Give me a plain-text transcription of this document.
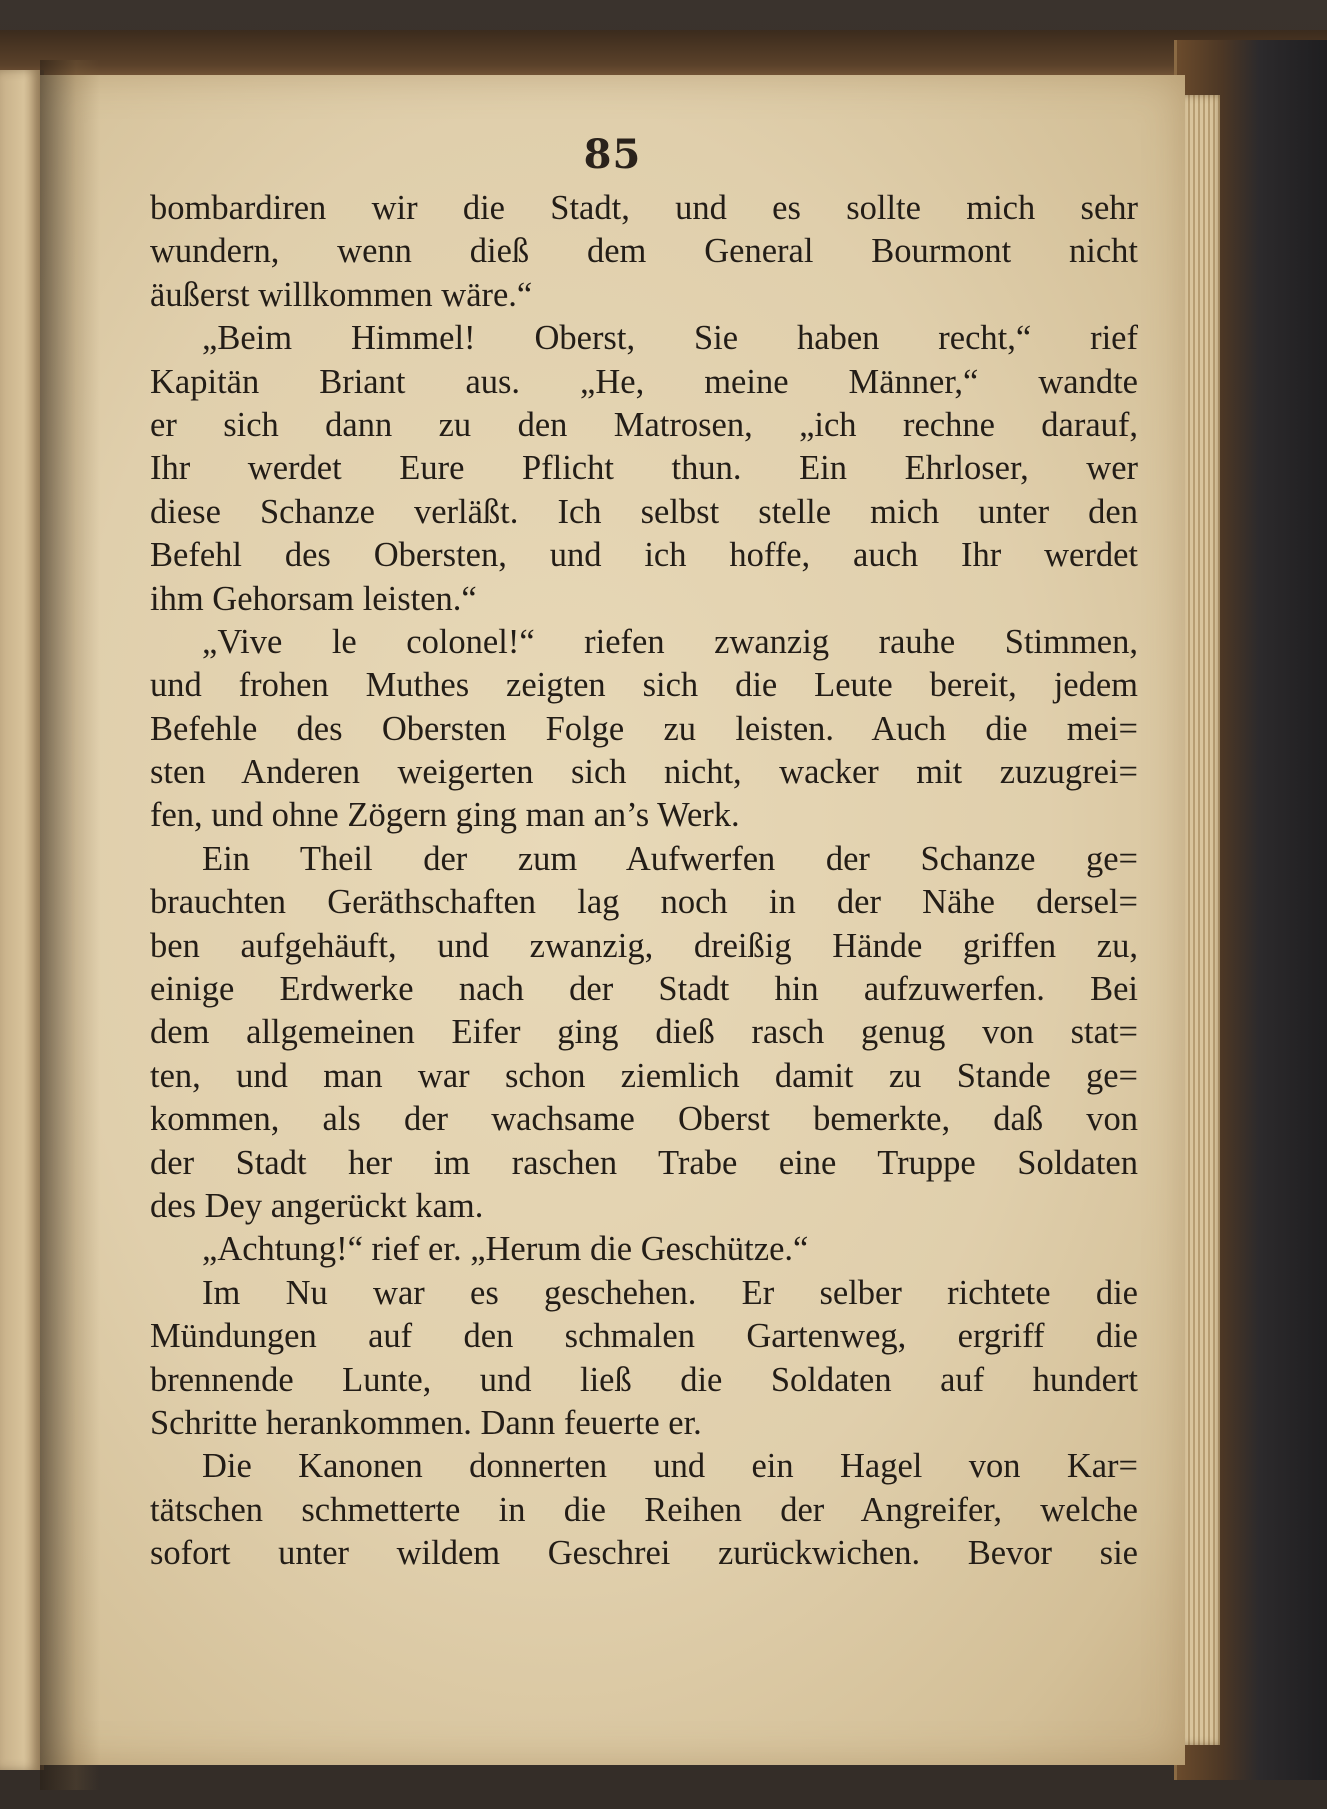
85
bombardiren wir die Stadt, und es sollte mich sehr
wundern, wenn dieß dem General Bourmont nicht
äußerst willkommen wäre.“
„Beim Himmel! Oberst, Sie haben recht,“ rief
Kapitän Briant aus. „He, meine Männer,“ wandte
er sich dann zu den Matrosen, „ich rechne darauf,
Ihr werdet Eure Pflicht thun. Ein Ehrloser, wer
diese Schanze verläßt. Ich selbst stelle mich unter den
Befehl des Obersten, und ich hoffe, auch Ihr werdet
ihm Gehorsam leisten.“
„Vive le colonel!“ riefen zwanzig rauhe Stimmen,
und frohen Muthes zeigten sich die Leute bereit, jedem
Befehle des Obersten Folge zu leisten. Auch die mei=
sten Anderen weigerten sich nicht, wacker mit zuzugrei=
fen, und ohne Zögern ging man an’s Werk.
Ein Theil der zum Aufwerfen der Schanze ge=
brauchten Geräthschaften lag noch in der Nähe dersel=
ben aufgehäuft, und zwanzig, dreißig Hände griffen zu,
einige Erdwerke nach der Stadt hin aufzuwerfen. Bei
dem allgemeinen Eifer ging dieß rasch genug von stat=
ten, und man war schon ziemlich damit zu Stande ge=
kommen, als der wachsame Oberst bemerkte, daß von
der Stadt her im raschen Trabe eine Truppe Soldaten
des Dey angerückt kam.
„Achtung!“ rief er. „Herum die Geschütze.“
Im Nu war es geschehen. Er selber richtete die
Mündungen auf den schmalen Gartenweg, ergriff die
brennende Lunte, und ließ die Soldaten auf hundert
Schritte herankommen. Dann feuerte er.
Die Kanonen donnerten und ein Hagel von Kar=
tätschen schmetterte in die Reihen der Angreifer, welche
sofort unter wildem Geschrei zurückwichen. Bevor sie
